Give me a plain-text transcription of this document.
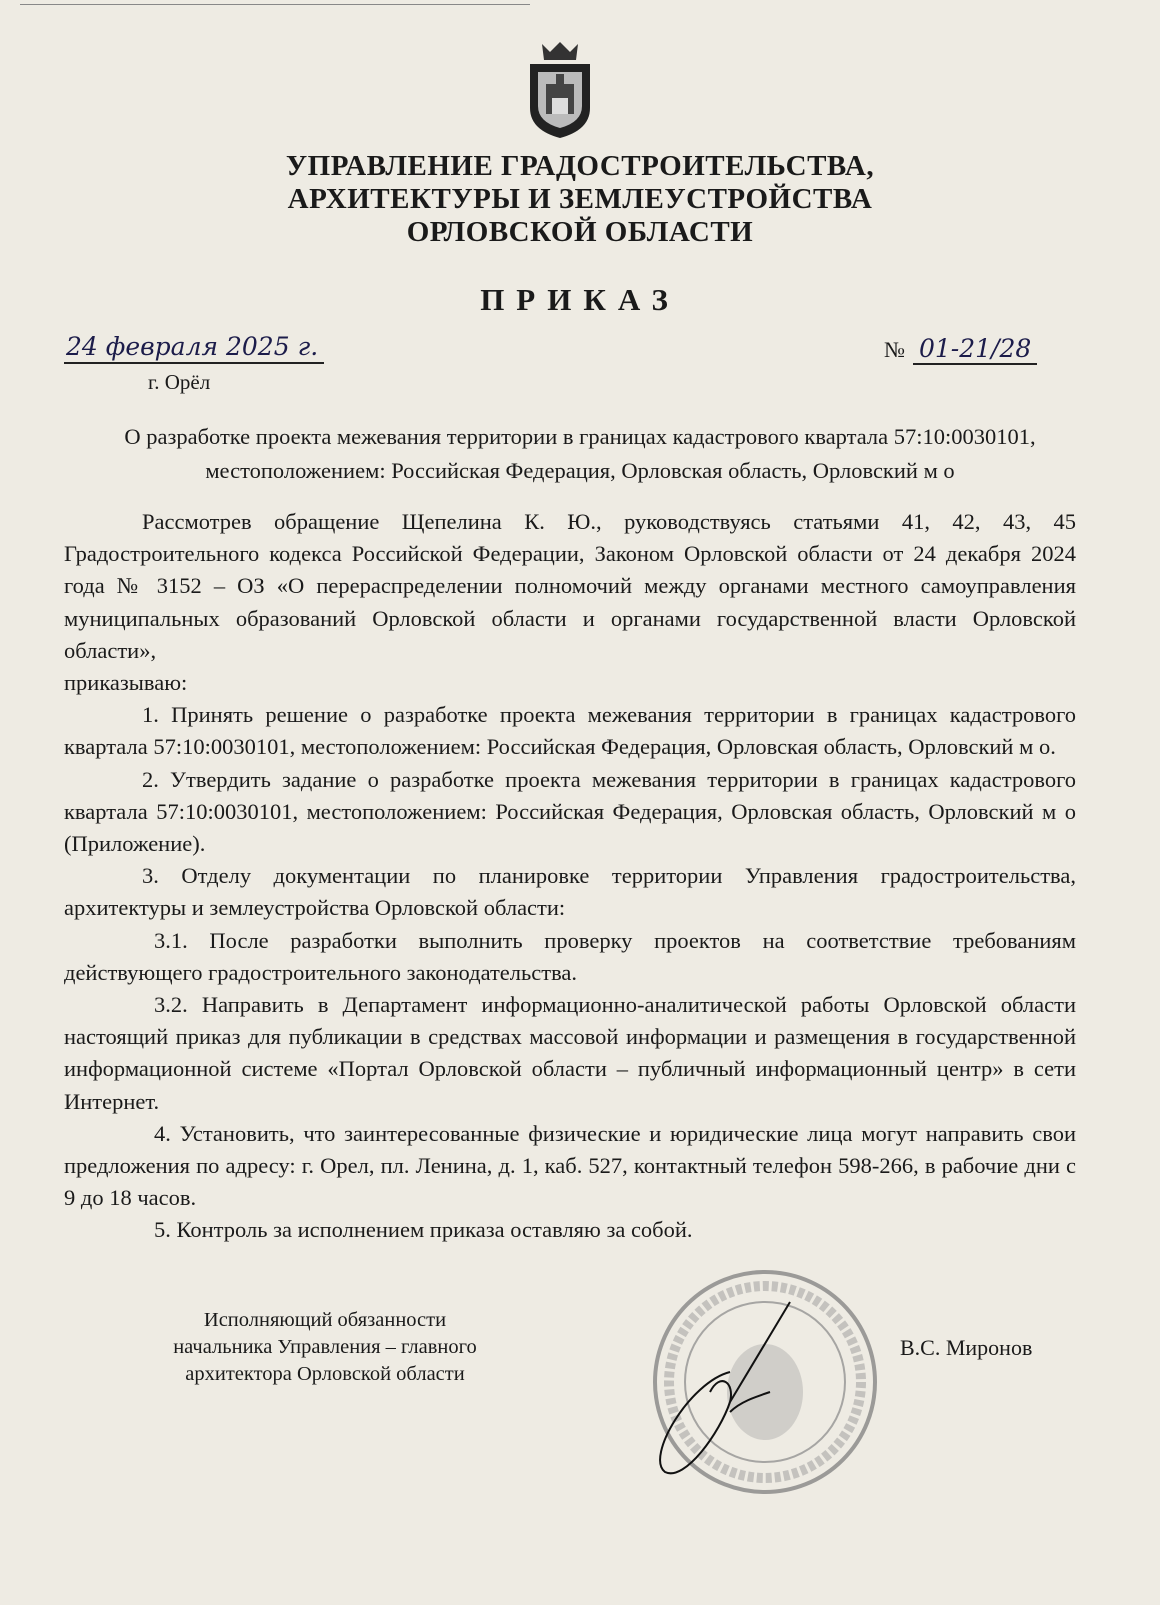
УПРАВЛЕНИЕ ГРАДОСТРОИТЕЛЬСТВА,
АРХИТЕКТУРЫ И ЗЕМЛЕУСТРОЙСТВА
ОРЛОВСКОЙ ОБЛАСТИ
ПРИКАЗ
24 февраля 2025 г.
г. Орёл
№ 01-21/28
О разработке проекта межевания территории в границах кадастрового квартала 57:10:0030101, местоположением: Российская Федерация, Орловская область, Орловский м о

Рассмотрев обращение Щепелина К. Ю., руководствуясь статьями 41, 42, 43, 45 Градостроительного кодекса Российской Федерации, Законом Орловской области от 24 декабря 2024 года № 3152 – ОЗ «О перераспределении полномочий между органами местного самоуправления муниципальных образований Орловской области и органами государственной власти Орловской области»,

приказываю:

1. Принять решение о разработке проекта межевания территории в границах кадастрового квартала 57:10:0030101, местоположением: Российская Федерация, Орловская область, Орловский м о.

2. Утвердить задание о разработке проекта межевания территории в границах кадастрового квартала 57:10:0030101, местоположением: Российская Федерация, Орловская область, Орловский м о (Приложение).

3. Отделу документации по планировке территории Управления градостроительства, архитектуры и землеустройства Орловской области:

3.1. После разработки выполнить проверку проектов на соответствие требованиям действующего градостроительного законодательства.

3.2. Направить в Департамент информационно-аналитической работы Орловской области настоящий приказ для публикации в средствах массовой информации и размещения в государственной информационной системе «Портал Орловской области – публичный информационный центр» в сети Интернет.

4. Установить, что заинтересованные физические и юридические лица могут направить свои предложения по адресу: г. Орел, пл. Ленина, д. 1, каб. 527, контактный телефон 598-266, в рабочие дни с 9 до 18 часов.

5. Контроль за исполнением приказа оставляю за собой.

Исполняющий обязанности
начальника Управления – главного
архитектора Орловской области
В.С. Миронов
